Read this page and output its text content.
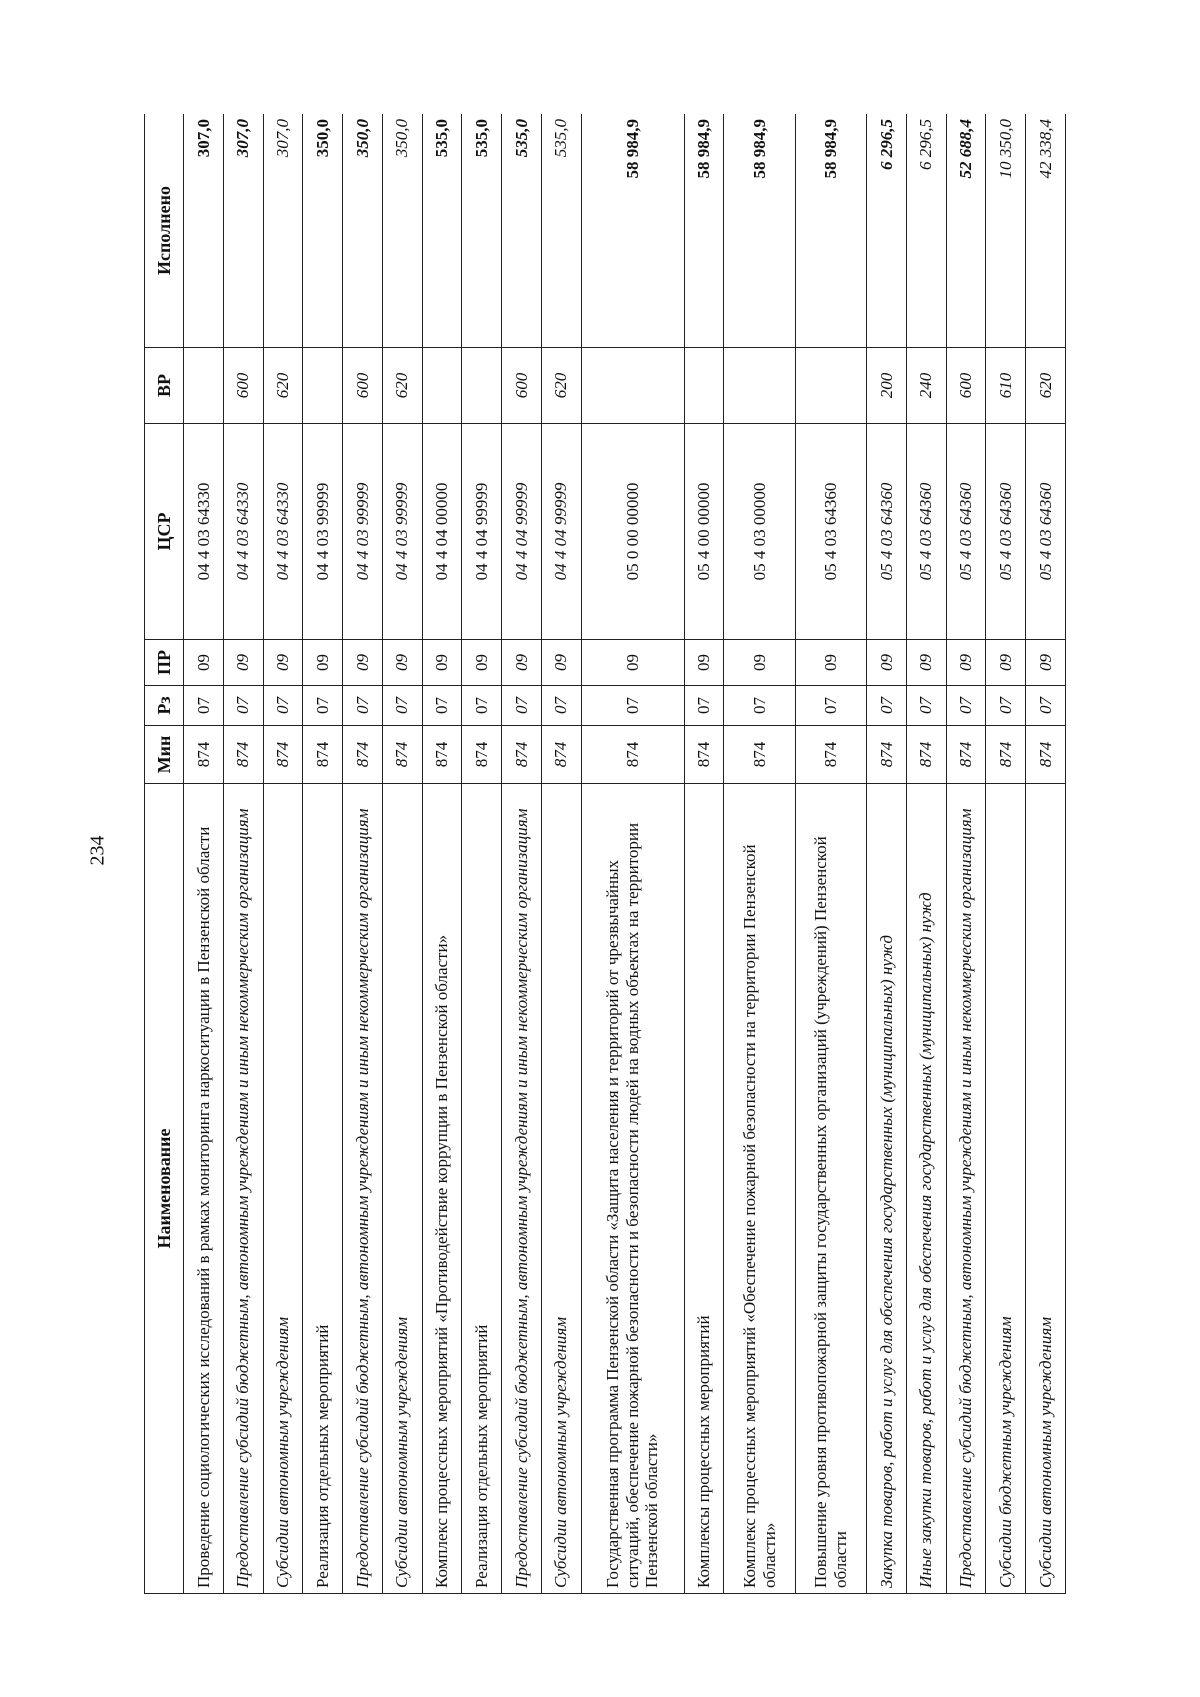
234
Наименование	Мин	Рз	ПР	ЦСР	ВР	Исполнено
Проведение социологических исследований в рамках мониторинга наркоситуации в Пензенской области	874	07	09	04 4 03 64330		307,0
Предоставление субсидий бюджетным, автономным учреждениям и иным некоммерческим организациям	874	07	09	04 4 03 64330	600	307,0
Субсидии автономным учреждениям	874	07	09	04 4 03 64330	620	307,0
Реализация отдельных мероприятий	874	07	09	04 4 03 99999		350,0
Предоставление субсидий бюджетным, автономным учреждениям и иным некоммерческим организациям	874	07	09	04 4 03 99999	600	350,0
Субсидии автономным учреждениям	874	07	09	04 4 03 99999	620	350,0
Комплекс процессных мероприятий «Противодействие коррупции в Пензенской области»	874	07	09	04 4 04 00000		535,0
Реализация отдельных мероприятий	874	07	09	04 4 04 99999		535,0
Предоставление субсидий бюджетным, автономным учреждениям и иным некоммерческим организациям	874	07	09	04 4 04 99999	600	535,0
Субсидии автономным учреждениям	874	07	09	04 4 04 99999	620	535,0
Государственная программа Пензенской области «Защита населения и территорий от чрезвычайных ситуаций, обеспечение пожарной безопасности и безопасности людей на водных объектах на территории Пензенской области»	874	07	09	05 0 00 00000		58 984,9
Комплексы процессных мероприятий	874	07	09	05 4 00 00000		58 984,9
Комплекс процессных мероприятий «Обеспечение пожарной безопасности на территории Пензенской области»	874	07	09	05 4 03 00000		58 984,9
Повышение уровня противопожарной защиты государственных организаций (учреждений) Пензенской области	874	07	09	05 4 03 64360		58 984,9
Закупка товаров, работ и услуг для обеспечения государственных (муниципальных) нужд	874	07	09	05 4 03 64360	200	6 296,5
Иные закупки товаров, работ и услуг для обеспечения государственных (муниципальных) нужд	874	07	09	05 4 03 64360	240	6 296,5
Предоставление субсидий бюджетным, автономным учреждениям и иным некоммерческим организациям	874	07	09	05 4 03 64360	600	52 688,4
Субсидии бюджетным учреждениям	874	07	09	05 4 03 64360	610	10 350,0
Субсидии автономным учреждениям	874	07	09	05 4 03 64360	620	42 338,4
